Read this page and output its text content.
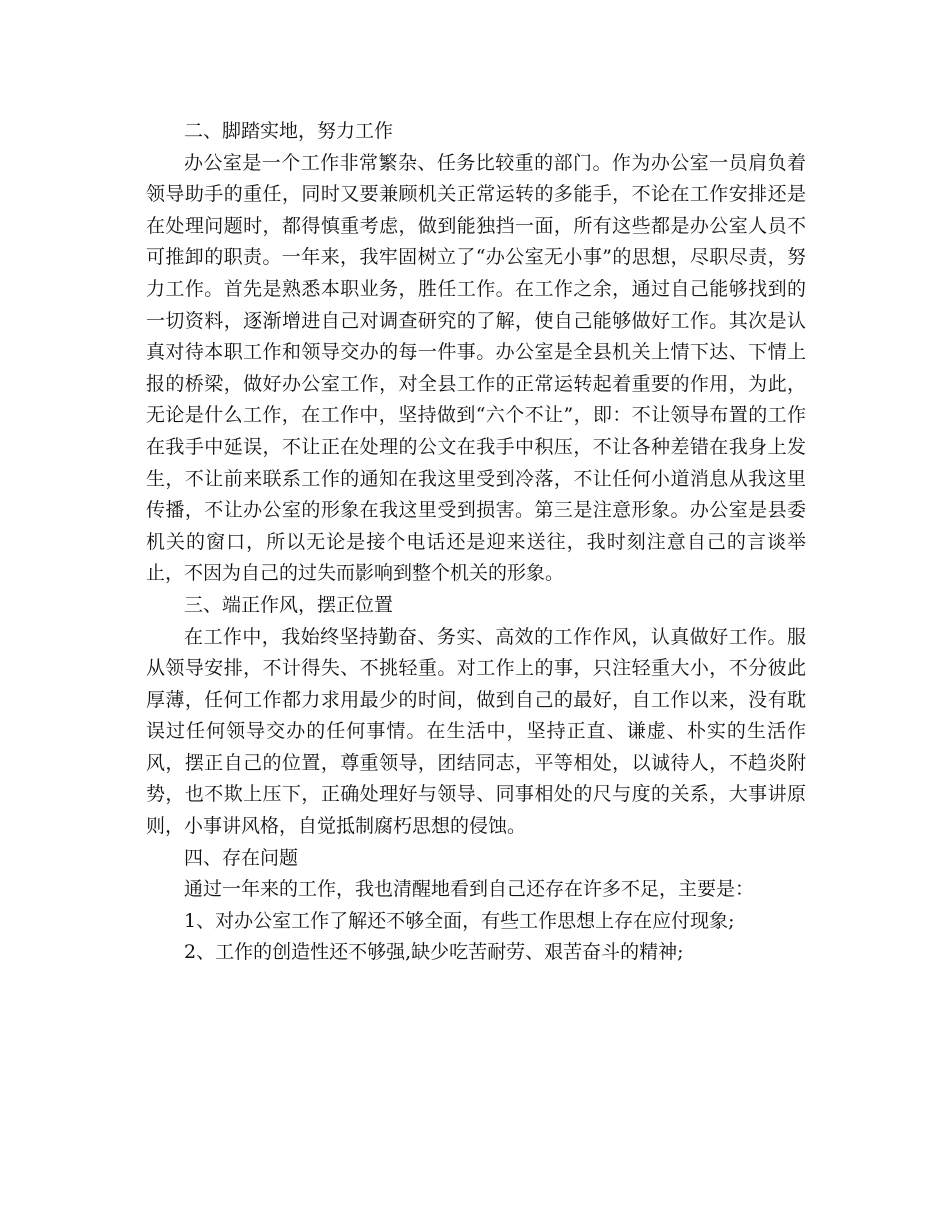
二、脚踏实地，努力工作

办公室是一个工作非常繁杂、任务比较重的部门。作为办公室一员肩负着领导助手的重任，同时又要兼顾机关正常运转的多能手，不论在工作安排还是在处理问题时，都得慎重考虑，做到能独挡一面，所有这些都是办公室人员不可推卸的职责。一年来，我牢固树立了“办公室无小事”的思想，尽职尽责，努力工作。首先是熟悉本职业务，胜任工作。在工作之余，通过自己能够找到的一切资料，逐渐增进自己对调查研究的了解，使自己能够做好工作。其次是认真对待本职工作和领导交办的每一件事。办公室是全县机关上情下达、下情上报的桥梁，做好办公室工作，对全县工作的正常运转起着重要的作用，为此，无论是什么工作，在工作中，坚持做到“六个不让”，即：不让领导布置的工作在我手中延误，不让正在处理的公文在我手中积压，不让各种差错在我身上发生，不让前来联系工作的通知在我这里受到冷落，不让任何小道消息从我这里传播，不让办公室的形象在我这里受到损害。第三是注意形象。办公室是县委机关的窗口，所以无论是接个电话还是迎来送往，我时刻注意自己的言谈举止，不因为自己的过失而影响到整个机关的形象。

三、端正作风，摆正位置

在工作中，我始终坚持勤奋、务实、高效的工作作风，认真做好工作。服从领导安排，不计得失、不挑轻重。对工作上的事，只注轻重大小，不分彼此厚薄，任何工作都力求用最少的时间，做到自己的最好，自工作以来，没有耽误过任何领导交办的任何事情。在生活中，坚持正直、谦虚、朴实的生活作风，摆正自己的位置，尊重领导，团结同志，平等相处，以诚待人，不趋炎附势，也不欺上压下，正确处理好与领导、同事相处的尺与度的关系，大事讲原则，小事讲风格，自觉抵制腐朽思想的侵蚀。

四、存在问题

通过一年来的工作，我也清醒地看到自己还存在许多不足，主要是：

1、对办公室工作了解还不够全面，有些工作思想上存在应付现象;

2、工作的创造性还不够强,缺少吃苦耐劳、艰苦奋斗的精神;
